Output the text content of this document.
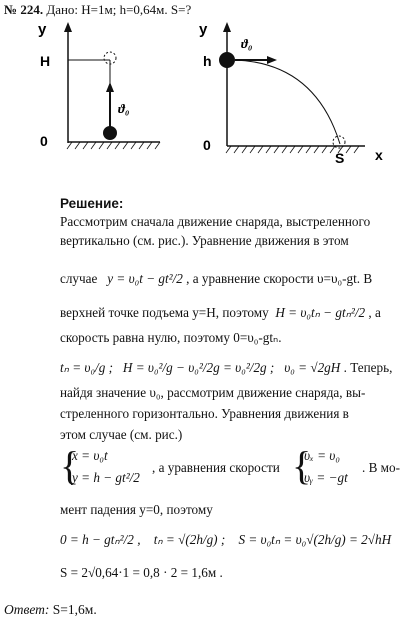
№ 224. Дано: H=1м; h=0,64м. S=?
y
H
ϑ₀
0
y
ϑ₀
h
0
S x
Решение:
Рассмотрим сначала движение снаряда, выстреленного вертикально (см. рис.). Уравнение движения в этом
случае y = υ₀t − gt²/2 , а уравнение скорости υ=υ₀-gt. В
верхней точке подъема y=H, поэтому H = υ₀tₙ − gtₙ²/2 , а
скорость равна нулю, поэтому 0=υ₀-gtₙ.
tₙ = υ₀/g ; H = υ₀²/g − υ₀²/2g = υ₀²/2g ; υ₀ = √2gH . Теперь,
найдя значение υ₀, рассмотрим движение снаряда, вы-
стреленного горизонтально. Уравнения движения в
этом случае (см. рис.)
{
x = υ₀t
y = h − gt²/2
, а уравнения скорости {
υₓ = υ₀
υᵧ = −gt
. В мо-
мент падения y=0, поэтому
0 = h − gtₙ²/2 , tₙ = √(2h/g) ; S = υ₀tₙ = υ₀√(2h/g) = 2√hH
S = 2√0,64·1 = 0,8 · 2 = 1,6м .
Ответ: S=1,6м.
